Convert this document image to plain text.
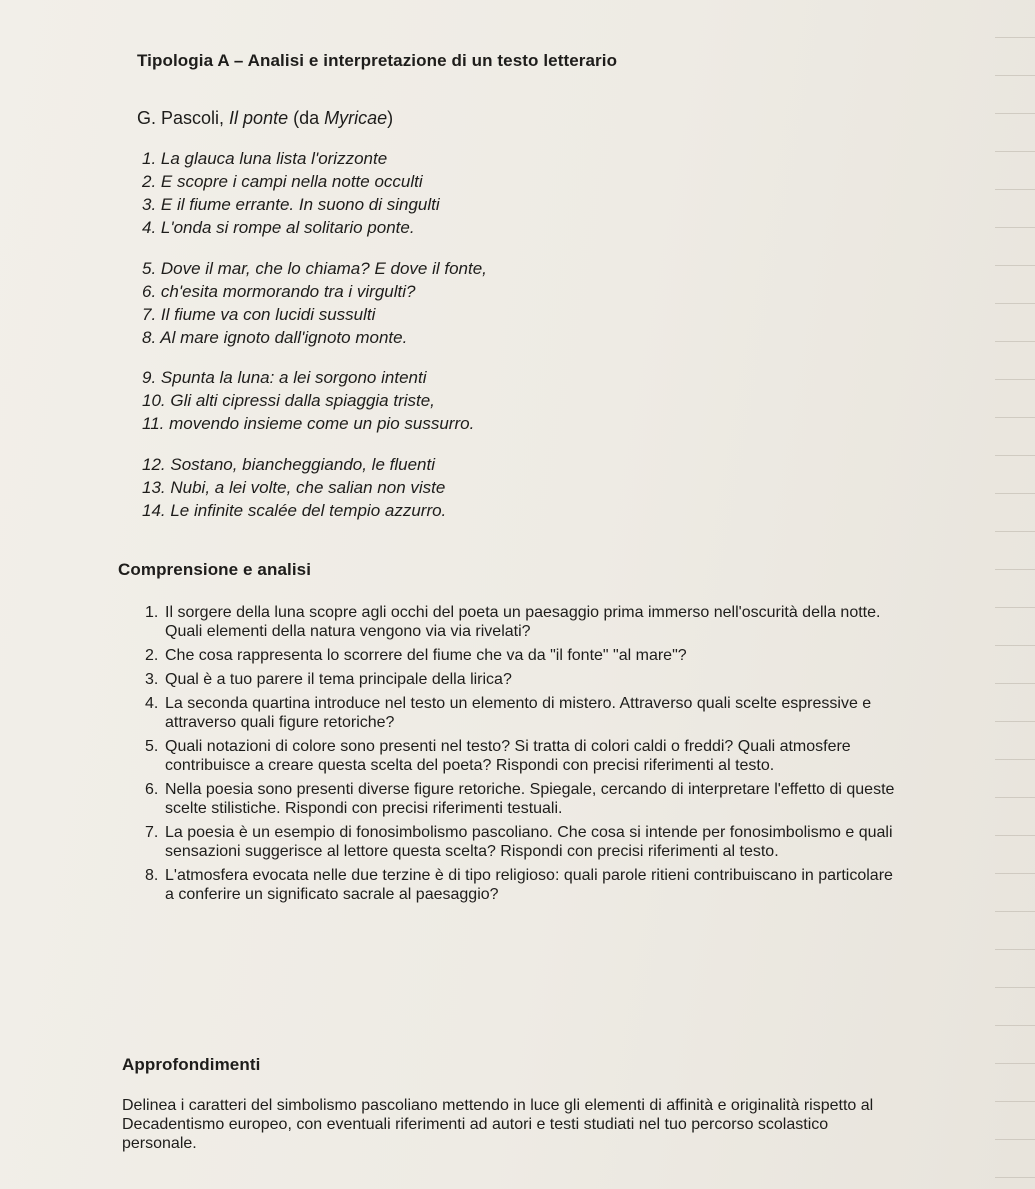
Tipologia A – Analisi e interpretazione di un testo letterario
G. Pascoli, Il ponte (da Myricae)
1. La glauca luna lista l'orizzonte
2. E scopre i campi nella notte occulti
3. E il fiume errante. In suono di singulti
4. L'onda si rompe al solitario ponte.
5. Dove il mar, che lo chiama? E dove il fonte,
6. ch'esita mormorando tra i virgulti?
7. Il fiume va con lucidi sussulti
8. Al mare ignoto dall'ignoto monte.
9. Spunta la luna: a lei sorgono intenti
10. Gli alti cipressi dalla spiaggia triste,
11. movendo insieme come un pio sussurro.
12. Sostano, biancheggiando, le fluenti
13. Nubi, a lei volte, che salian non viste
14. Le infinite scalée del tempio azzurro.
Comprensione e analisi
1. Il sorgere della luna scopre agli occhi del poeta un paesaggio prima immerso nell'oscurità della notte. Quali elementi della natura vengono via via rivelati?
2. Che cosa rappresenta lo scorrere del fiume che va da "il fonte" "al mare"?
3. Qual è a tuo parere il tema principale della lirica?
4. La seconda quartina introduce nel testo un elemento di mistero. Attraverso quali scelte espressive e attraverso quali figure retoriche?
5. Quali notazioni di colore sono presenti nel testo? Si tratta di colori caldi o freddi? Quali atmosfere contribuisce a creare questa scelta del poeta? Rispondi con precisi riferimenti al testo.
6. Nella poesia sono presenti diverse figure retoriche. Spiegale, cercando di interpretare l'effetto di queste scelte stilistiche. Rispondi con precisi riferimenti testuali.
7. La poesia è un esempio di fonosimbolismo pascoliano. Che cosa si intende per fonosimbolismo e quali sensazioni suggerisce al lettore questa scelta? Rispondi con precisi riferimenti al testo.
8. L'atmosfera evocata nelle due terzine è di tipo religioso: quali parole ritieni contribuiscano in particolare a conferire un significato sacrale al paesaggio?
Approfondimenti
Delinea i caratteri del simbolismo pascoliano mettendo in luce gli elementi di affinità e originalità rispetto al Decadentismo europeo, con eventuali riferimenti ad autori e testi studiati nel tuo percorso scolastico personale.
